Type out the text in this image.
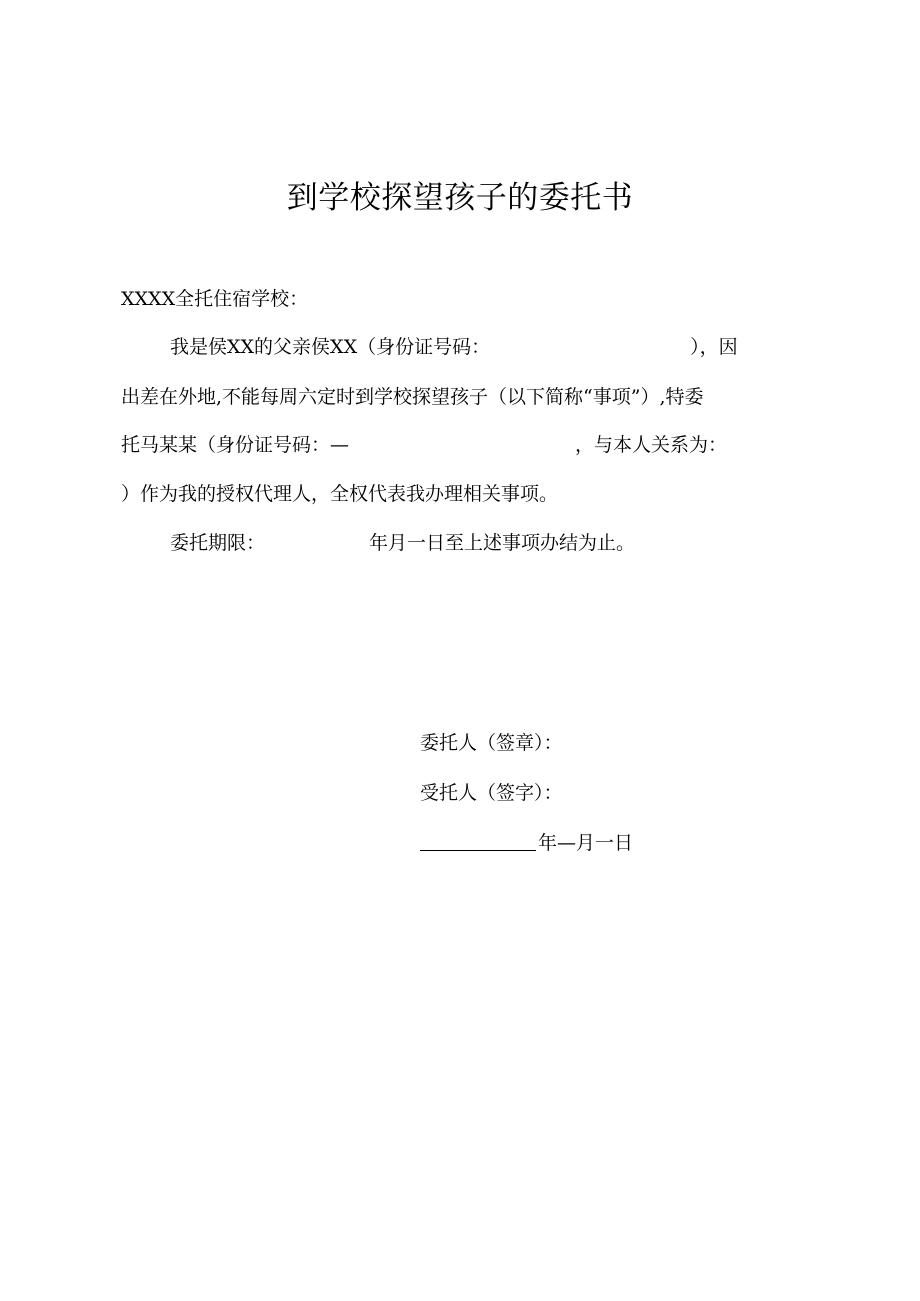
到学校探望孩子的委托书
XXXX全托住宿学校：
我是侯XX的父亲侯XX（身份证号码：	），因
出差在外地,不能每周六定时到学校探望孩子（以下简称“事项”）,特委
托马某某（身份证号码：—	，与本人关系为：
）作为我的授权代理人，全权代表我办理相关事项。
委托期限：	年月一日至上述事项办结为止。
委托人（签章）：
受托人（签字）：
年—月一日
